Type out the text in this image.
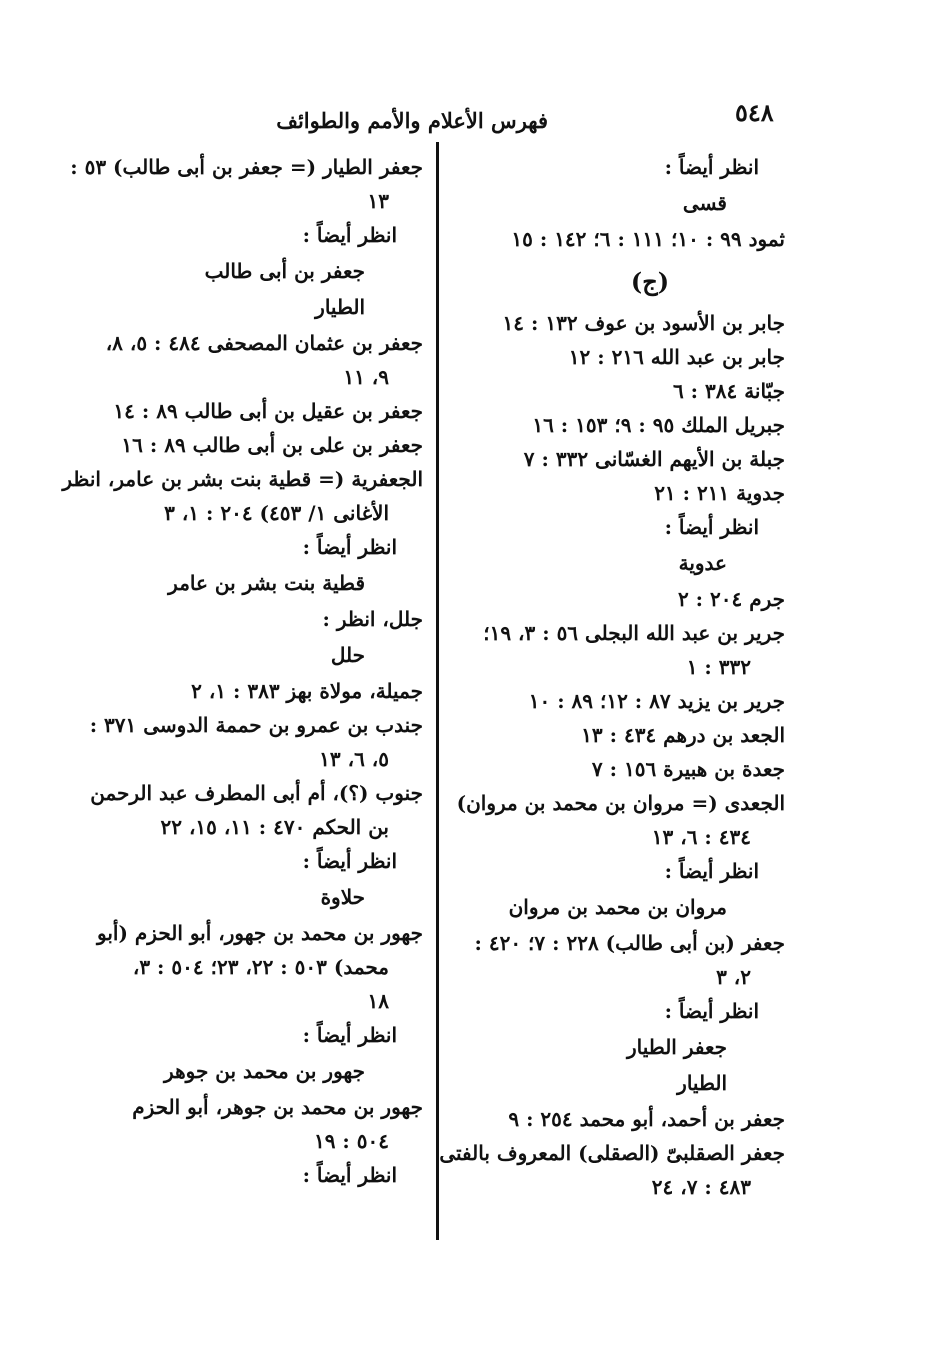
٥٤٨
فهرس الأعلام والأمم والطوائف
انظر أيضاً :
قسى
ثمود ٩٩ : ١٠؛ ١١١ : ٦؛ ١٤٢ : ١٥
(ج)
جابر بن الأسود بن عوف ١٣٢ : ١٤
جابر بن عبد الله ٢١٦ : ١٢
جبّانة ٣٨٤ : ٦
جبريل الملك ٩٥ : ٩؛ ١٥٣ : ١٦
جبلة بن الأيهم الغسّانى ٣٣٢ : ٧
جدوية ٢١١ : ٢١
انظر أيضاً :
عدوية
جرم ٢٠٤ : ٢
جرير بن عبد الله البجلى ٥٦ : ٣، ١٩؛
٣٣٢ : ١
جرير بن يزيد ٨٧ : ١٢؛ ٨٩ : ١٠
الجعد بن درهم ٤٣٤ : ١٣
جعدة بن هبيرة ١٥٦ : ٧
الجعدى (= مروان بن محمد بن مروان)
٤٣٤ : ٦، ١٣
انظر أيضاً :
مروان بن محمد بن مروان
جعفر (بن أبى طالب) ٢٢٨ : ٧؛ ٤٢٠ :
٢، ٣
انظر أيضاً :
جعفر الطيار
الطيار
جعفر بن أحمد، أبو محمد ٢٥٤ : ٩
جعفر الصقلبىّ (الصقلى) المعروف بالفتى
٤٨٣ : ٧، ٢٤
جعفر الطيار (= جعفر بن أبى طالب) ٥٣ :
١٣
انظر أيضاً :
جعفر بن أبى طالب
الطيار
جعفر بن عثمان المصحفى ٤٨٤ : ٥، ٨،
٩، ١١
جعفر بن عقيل بن أبى طالب ٨٩ : ١٤
جعفر بن على بن أبى طالب ٨٩ : ١٦
الجعفرية (= قطية بنت بشر بن عامر، انظر
الأغانى ١/ ٤٥٣) ٢٠٤ : ١، ٣
انظر أيضاً :
قطية بنت بشر بن عامر
جلل، انظر :
حلل
جميلة، مولاة بهز ٣٨٣ : ١، ٢
جندب بن عمرو بن حممة الدوسى ٣٧١ :
٥، ٦، ١٣
جنوب (؟)، أم أبى المطرف عبد الرحمن
بن الحكم ٤٧٠ : ١١، ١٥، ٢٢
انظر أيضاً :
حلاوة
جهور بن محمد بن جهور، أبو الحزم (أبو
محمد) ٥٠٣ : ٢٢، ٢٣؛ ٥٠٤ : ٣،
١٨
انظر أيضاً :
جهور بن محمد بن جوهر
جهور بن محمد بن جوهر، أبو الحزم
٥٠٤ : ١٩
انظر أيضاً :
